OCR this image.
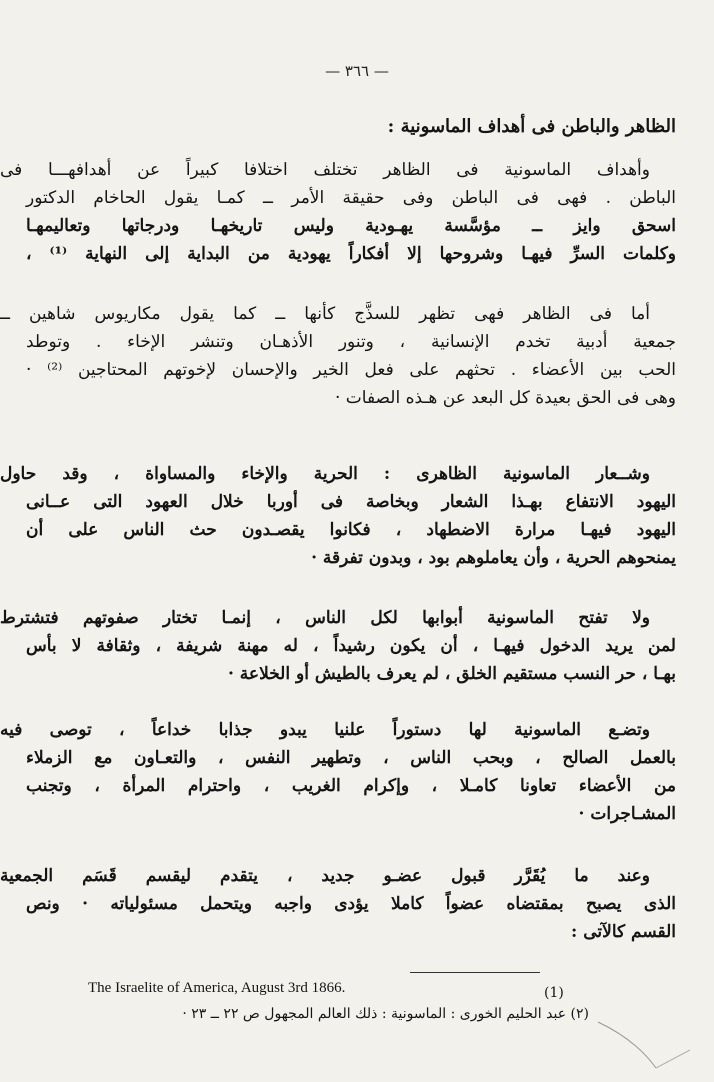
— ٣٦٦ —
الظاهر والباطن فى أهداف الماسونية :
وأهداف الماسونية فى الظاهر تختلف اختلافا كبيراً عن أهدافهـــا فى
الباطن . فهى فى الباطن وفى حقيقة الأمر ــ كمـا يقول الحاخام الدكتور
اسحق وايز ــ مؤسَّسة يهـودية وليس تاريخهـا ودرجاتها وتعاليمهـا
وكلمات السرِّ فيهـا وشروحها إلا أفكاراً يهودية من البداية إلى النهاية ⁽¹⁾ ،
أما فى الظاهر فهى تظهر للسذَّج كأنها ــ كما يقول مكاريوس شاهين ــ
جمعية أدبية تخدم الإنسانية ، وتنور الأذهـان وتنشر الإخاء . وتوطد
الحب بين الأعضاء . تحثهم على فعل الخير والإحسان لإخوتهم المحتاجين ⁽²⁾ ·
وهى فى الحق بعيدة كل البعد عن هـذه الصفات ·
وشــعار الماسونية الظاهرى : الحرية والإخاء والمساواة ، وقد حاول
اليهود الانتفاع بهـذا الشعار وبخاصة فى أوربا خلال العهود التى عــانى
اليهود فيهـا مرارة الاضطهاد ، فكانوا يقصـدون حث الناس على أن
يمنحوهم الحرية ، وأن يعاملوهم بود ، وبدون تفرقة ·
ولا تفتح الماسونية أبوابها لكل الناس ، إنمـا تختار صفوتهم فتشترط
لمن يريد الدخول فيهـا ، أن يكون رشيداً ، له مهنة شريفة ، وثقافة لا بأس
بهـا ، حر النسب مستقيم الخلق ، لم يعرف بالطيش أو الخلاعة ·
وتضـع الماسونية لها دستوراً علنيا يبدو جذابا خداعاً ، توصى فيه
بالعمل الصالح ، وبحب الناس ، وتطهير النفس ، والتعـاون مع الزملاء
من الأعضاء تعاونا كامـلا ، وإكرام الغريب ، واحترام المرأة ، وتجنب
المشـاجرات ·
وعند ما يُقَرَّر قبول عضـو جديد ، يتقدم ليقسم قَسَم الجمعية
الذى يصبح بمقتضاه عضواً كاملا يؤدى واجبه ويتحمل مسئولياته · ونص
القسم كالآتى :
The Israelite of America, August 3rd 1866.	(1)
(٢) عبد الحليم الخورى : الماسونية : ذلك العالم المجهول ص ٢٢ ــ ٢٣ ·
